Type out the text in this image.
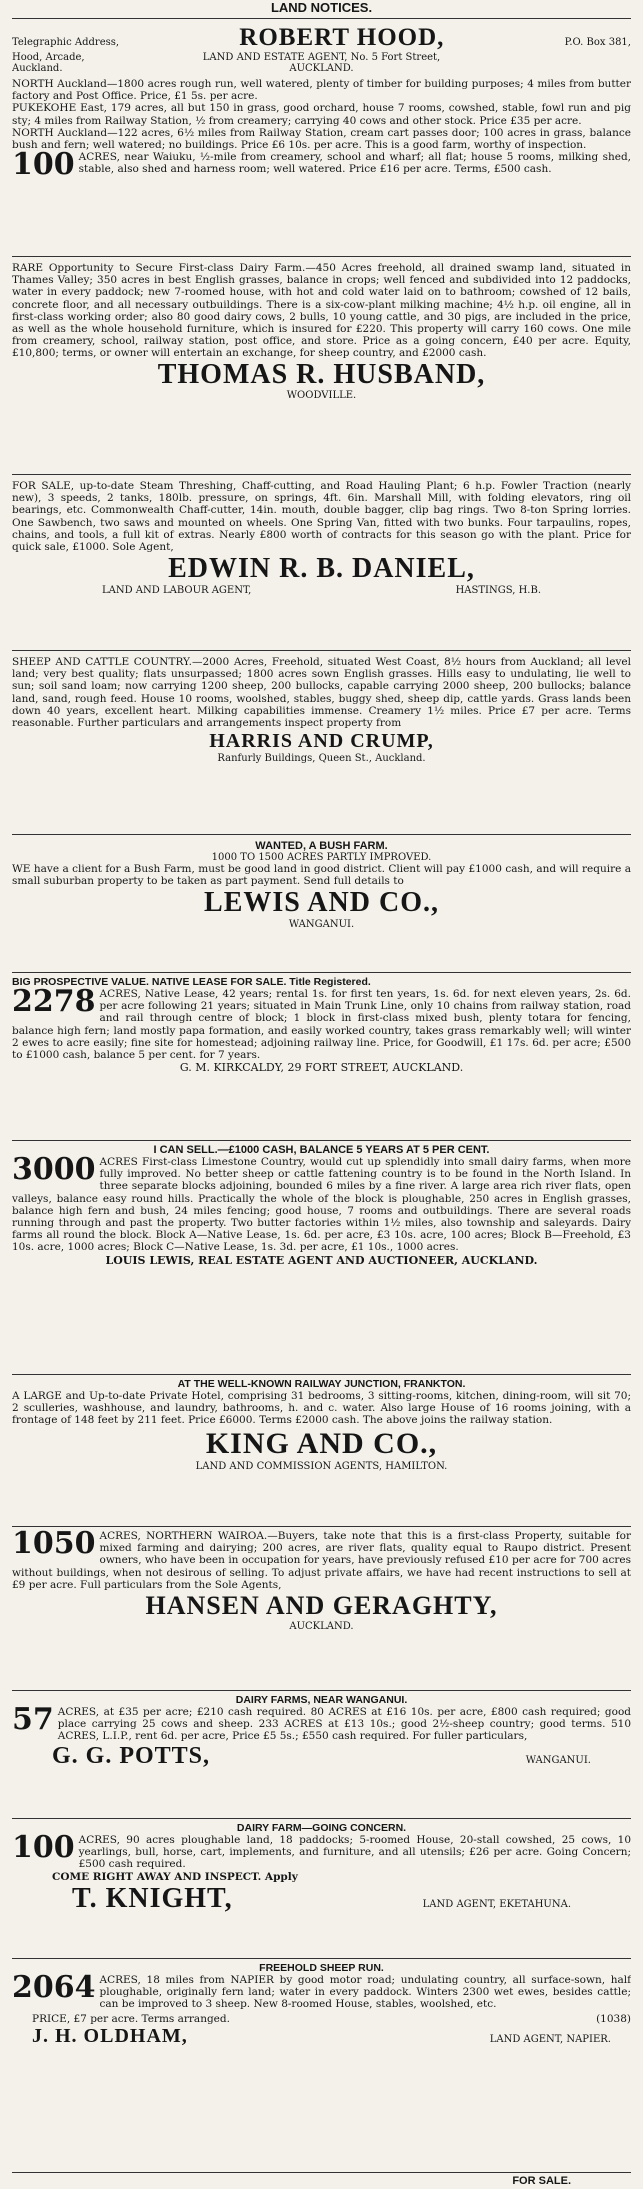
LAND NOTICES.
Telegraphic Address,	ROBERT HOOD,	P.O. Box 381,
Hood, Arcade, Auckland.
LAND AND ESTATE AGENT, No. 5 Fort Street, AUCKLAND.
NORTH Auckland—1800 acres rough run, well watered, plenty of timber for building purposes; 4 miles from butter factory and Post Office. Price, £1 5s. per acre.
PUKEKOHE East, 179 acres, all but 150 in grass, good orchard, house 7 rooms, cowshed, stable, fowl run and pig sty; 4 miles from Railway Station, ½ from creamery; carrying 40 cows and other stock. Price £35 per acre.
NORTH Auckland—122 acres, 6½ miles from Railway Station, cream cart passes door; 100 acres in grass, balance bush and fern; well watered; no buildings. Price £6 10s. per acre. This is a good farm, worthy of inspection.
100 ACRES, near Waiuku, ½-mile from creamery, school and wharf; all flat; house 5 rooms, milking shed, stable, also shed and harness room; well watered. Price £16 per acre. Terms, £500 cash.
RARE Opportunity to Secure First-class Dairy Farm.—450 Acres freehold, all drained swamp land, situated in Thames Valley; 350 acres in best English grasses, balance in crops; well fenced and subdivided into 12 paddocks, water in every paddock; new 7-roomed house, with hot and cold water laid on to bathroom; cowshed of 12 bails, concrete floor, and all necessary outbuildings. There is a six-cow-plant milking machine; 4½ h.p. oil engine, all in first-class working order; also 80 good dairy cows, 2 bulls, 10 young cattle, and 30 pigs, are included in the price, as well as the whole household furniture, which is insured for £220. This property will carry 160 cows. One mile from creamery, school, railway station, post office, and store. Price as a going concern, £40 per acre. Equity, £10,800; terms, or owner will entertain an exchange, for sheep country, and £2000 cash.
THOMAS R. HUSBAND,
WOODVILLE.
FOR SALE, up-to-date Steam Threshing, Chaff-cutting, and Road Hauling Plant; 6 h.p. Fowler Traction (nearly new), 3 speeds, 2 tanks, 180lb. pressure, on springs, 4ft. 6in. Marshall Mill, with folding elevators, ring oil bearings, etc. Commonwealth Chaff-cutter, 14in. mouth, double bagger, clip bag rings. Two 8-ton Spring lorries. One Sawbench, two saws and mounted on wheels. One Spring Van, fitted with two bunks. Four tarpaulins, ropes, chains, and tools, a full kit of extras. Nearly £800 worth of contracts for this season go with the plant. Price for quick sale, £1000. Sole Agent,
EDWIN R. B. DANIEL,
LAND AND LABOUR AGENT,	HASTINGS, H.B.
SHEEP AND CATTLE COUNTRY.—2000 Acres, Freehold, situated West Coast, 8½ hours from Auckland; all level land; very best quality; flats unsurpassed; 1800 acres sown English grasses. Hills easy to undulating, lie well to sun; soil sand loam; now carrying 1200 sheep, 200 bullocks, capable carrying 2000 sheep, 200 bullocks; balance land, sand, rough feed. House 10 rooms, woolshed, stables, buggy shed, sheep dip, cattle yards. Grass lands been down 40 years, excellent heart. Milking capabilities immense. Creamery 1½ miles. Price £7 per acre. Terms reasonable. Further particulars and arrangements inspect property from
HARRIS AND CRUMP,
Ranfurly Buildings, Queen St., Auckland.
WANTED, A BUSH FARM.
1000 TO 1500 ACRES PARTLY IMPROVED.
WE have a client for a Bush Farm, must be good land in good district. Client will pay £1000 cash, and will require a small suburban property to be taken as part payment. Send full details to
LEWIS AND CO.,
WANGANUI.
BIG PROSPECTIVE VALUE. NATIVE LEASE FOR SALE. Title Registered.
2278 ACRES, Native Lease, 42 years; rental 1s. for first ten years, 1s. 6d. for next eleven years, 2s. 6d. per acre following 21 years; situated in Main Trunk Line, only 10 chains from railway station, road and rail through centre of block; 1 block in first-class mixed bush, plenty totara for fencing, balance high fern; land mostly papa formation, and easily worked country, takes grass remarkably well; will winter 2 ewes to acre easily; fine site for homestead; adjoining railway line. Price, for Goodwill, £1 17s. 6d. per acre; £500 to £1000 cash, balance 5 per cent. for 7 years.
G. M. KIRKCALDY, 29 FORT STREET, AUCKLAND.
I CAN SELL.—£1000 CASH, BALANCE 5 YEARS AT 5 PER CENT.
3000 ACRES First-class Limestone Country, would cut up splendidly into small dairy farms, when more fully improved. No better sheep or cattle fattening country is to be found in the North Island. In three separate blocks adjoining, bounded 6 miles by a fine river. A large area rich river flats, open valleys, balance easy round hills. Practically the whole of the block is ploughable, 250 acres in English grasses, balance high fern and bush, 24 miles fencing; good house, 7 rooms and outbuildings. There are several roads running through and past the property. Two butter factories within 1½ miles, also township and saleyards. Dairy farms all round the block. Block A—Native Lease, 1s. 6d. per acre, £3 10s. acre, 100 acres; Block B—Freehold, £3 10s. acre, 1000 acres; Block C—Native Lease, 1s. 3d. per acre, £1 10s., 1000 acres.
LOUIS LEWIS, REAL ESTATE AGENT AND AUCTIONEER, AUCKLAND.
AT THE WELL-KNOWN RAILWAY JUNCTION, FRANKTON.
A LARGE and Up-to-date Private Hotel, comprising 31 bedrooms, 3 sitting-rooms, kitchen, dining-room, will sit 70; 2 sculleries, washhouse, and laundry, bathrooms, h. and c. water. Also large House of 16 rooms joining, with a frontage of 148 feet by 211 feet. Price £6000. Terms £2000 cash. The above joins the railway station.
KING AND CO.,
LAND AND COMMISSION AGENTS, HAMILTON.
1050 ACRES, NORTHERN WAIROA.—Buyers, take note that this is a first-class Property, suitable for mixed farming and dairying; 200 acres, are river flats, quality equal to Raupo district. Present owners, who have been in occupation for years, have previously refused £10 per acre for 700 acres without buildings, when not desirous of selling. To adjust private affairs, we have had recent instructions to sell at £9 per acre. Full particulars from the Sole Agents,
HANSEN AND GERAGHTY,
AUCKLAND.
DAIRY FARMS, NEAR WANGANUI.
57 ACRES, at £35 per acre; £210 cash required. 80 ACRES at £16 10s. per acre, £800 cash required; good place carrying 25 cows and sheep. 233 ACRES at £13 10s.; good 2½-sheep country; good terms. 510 ACRES, L.I.P., rent 6d. per acre, Price £5 5s.; £550 cash required. For fuller particulars,
G. G. POTTS,	WANGANUI.
DAIRY FARM—GOING CONCERN.
100 ACRES, 90 acres ploughable land, 18 paddocks; 5-roomed House, 20-stall cowshed, 25 cows, 10 yearlings, bull, horse, cart, implements, and furniture, and all utensils; £26 per acre. Going Concern; £500 cash required.
COME RIGHT AWAY AND INSPECT. Apply
T. KNIGHT,	LAND AGENT, EKETAHUNA.
FREEHOLD SHEEP RUN.
2064 ACRES, 18 miles from NAPIER by good motor road; undulating country, all surface-sown, half ploughable, originally fern land; water in every paddock. Winters 2300 wet ewes, besides cattle; can be improved to 3 sheep. New 8-roomed House, stables, woolshed, etc.
PRICE, £7 per acre. Terms arranged.	(1038)
J. H. OLDHAM,	LAND AGENT, NAPIER.
FOR SALE.
